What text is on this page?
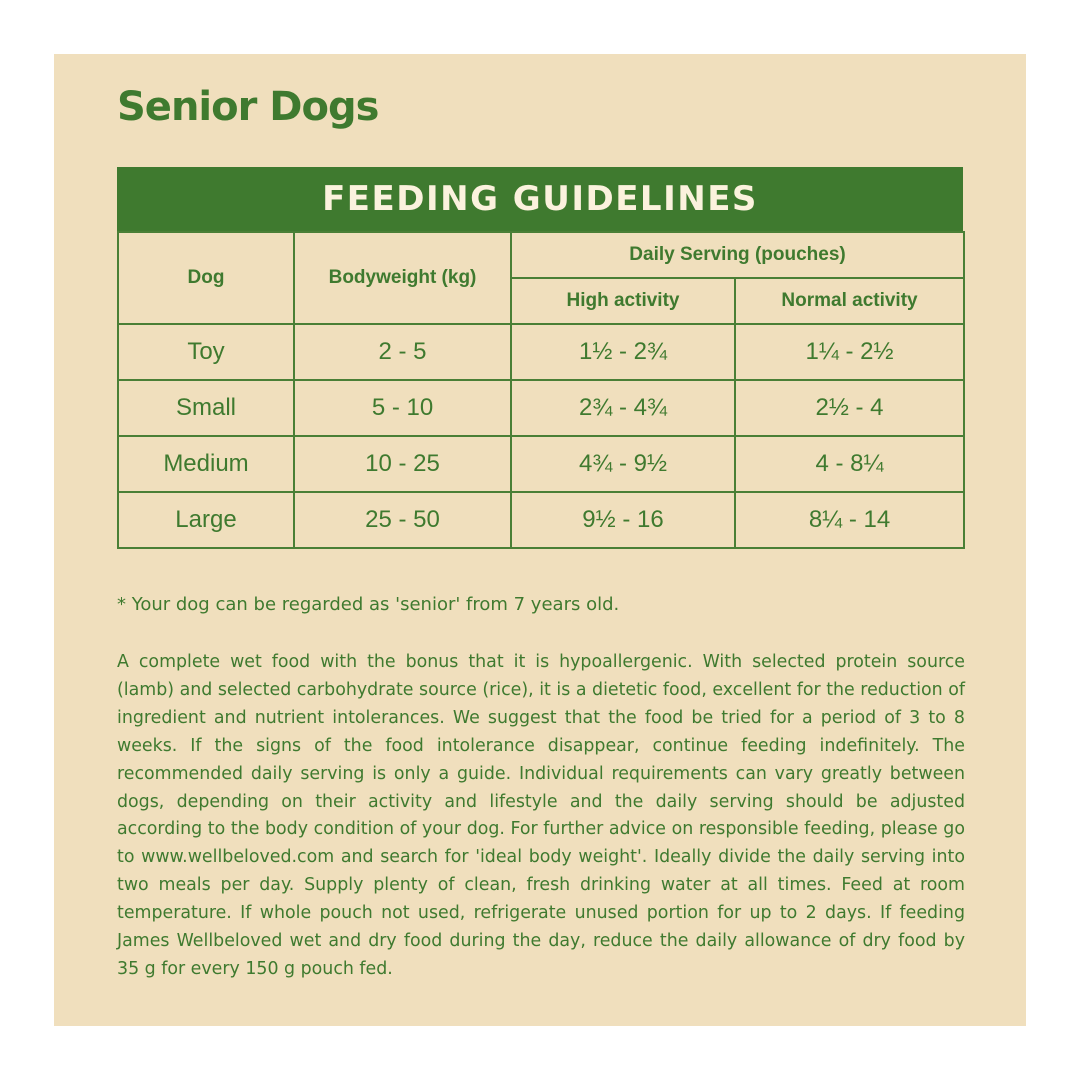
Senior Dogs
FEEDING GUIDELINES
Dog	Bodyweight (kg)	Daily Serving (pouches)	
		High activity	Normal activity
Toy	2 - 5	1½ - 2¾	1¼ - 2½
Small	5 - 10	2¾ - 4¾	2½ - 4
Medium	10 - 25	4¾ - 9½	4 - 8¼
Large	25 - 50	9½ - 16	8¼ - 14

* Your dog can be regarded as 'senior' from 7 years old.

A complete wet food with the bonus that it is hypoallergenic. With selected protein source (lamb) and selected carbohydrate source (rice), it is a dietetic food, excellent for the reduction of ingredient and nutrient intolerances. We suggest that the food be tried for a period of 3 to 8 weeks. If the signs of the food intolerance disappear, continue feeding indefinitely. The recommended daily serving is only a guide. Individual requirements can vary greatly between dogs, depending on their activity and lifestyle and the daily serving should be adjusted according to the body condition of your dog. For further advice on responsible feeding, please go to www.wellbeloved.com and search for 'ideal body weight'. Ideally divide the daily serving into two meals per day. Supply plenty of clean, fresh drinking water at all times. Feed at room temperature. If whole pouch not used, refrigerate unused portion for up to 2 days. If feeding James Wellbeloved wet and dry food during the day, reduce the daily allowance of dry food by 35 g for every 150 g pouch fed.
